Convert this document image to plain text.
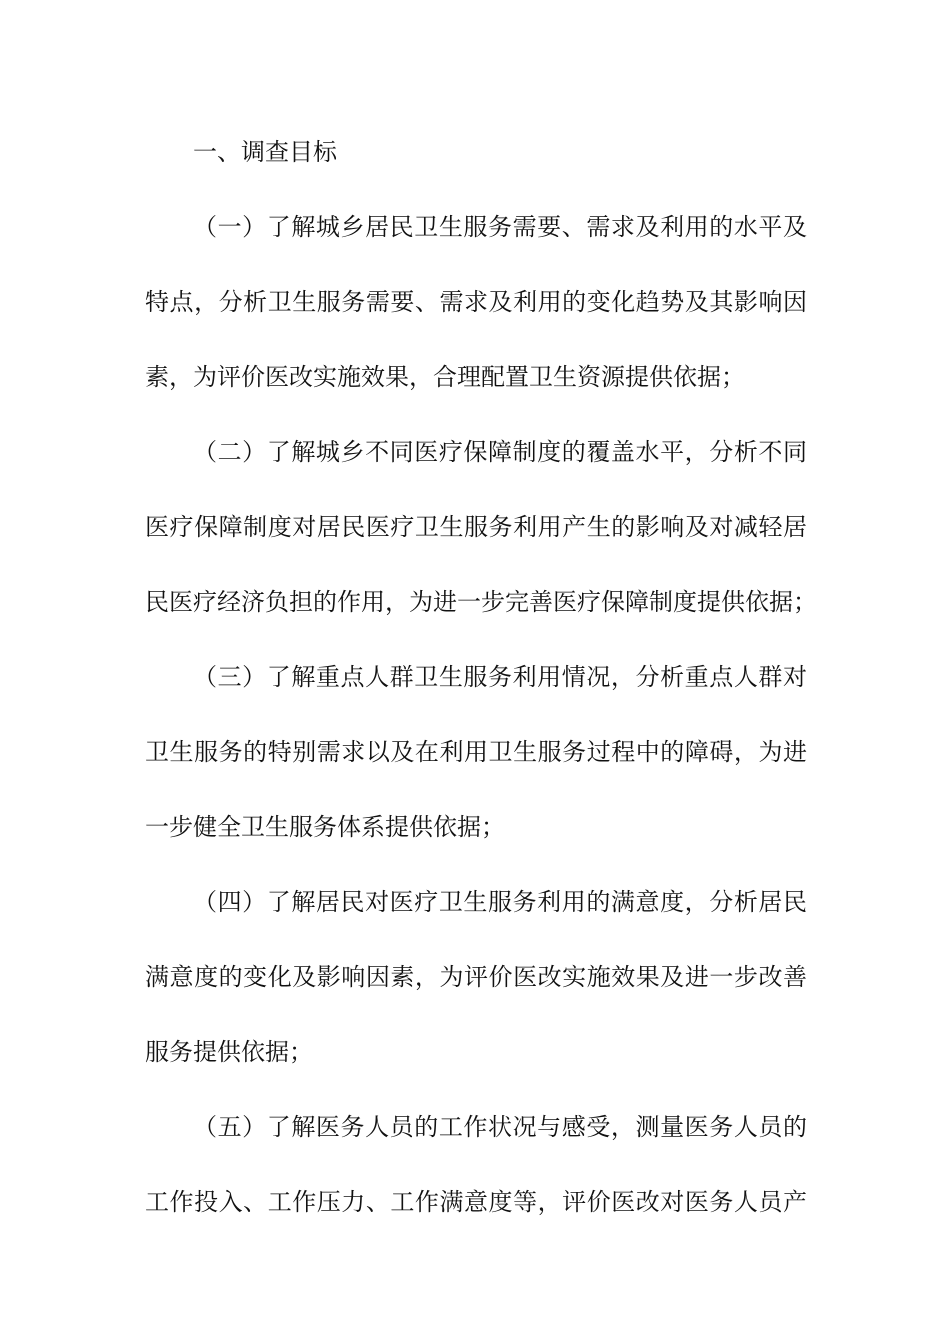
一、调查目标
（一）了解城乡居民卫生服务需要、需求及利用的水平及
特点，分析卫生服务需要、需求及利用的变化趋势及其影响因
素，为评价医改实施效果，合理配置卫生资源提供依据；
（二）了解城乡不同医疗保障制度的覆盖水平，分析不同
医疗保障制度对居民医疗卫生服务利用产生的影响及对减轻居
民医疗经济负担的作用，为进一步完善医疗保障制度提供依据；
（三）了解重点人群卫生服务利用情况，分析重点人群对
卫生服务的特别需求以及在利用卫生服务过程中的障碍，为进
一步健全卫生服务体系提供依据；
（四）了解居民对医疗卫生服务利用的满意度，分析居民
满意度的变化及影响因素，为评价医改实施效果及进一步改善
服务提供依据；
（五）了解医务人员的工作状况与感受，测量医务人员的
工作投入、工作压力、工作满意度等，评价医改对医务人员产
